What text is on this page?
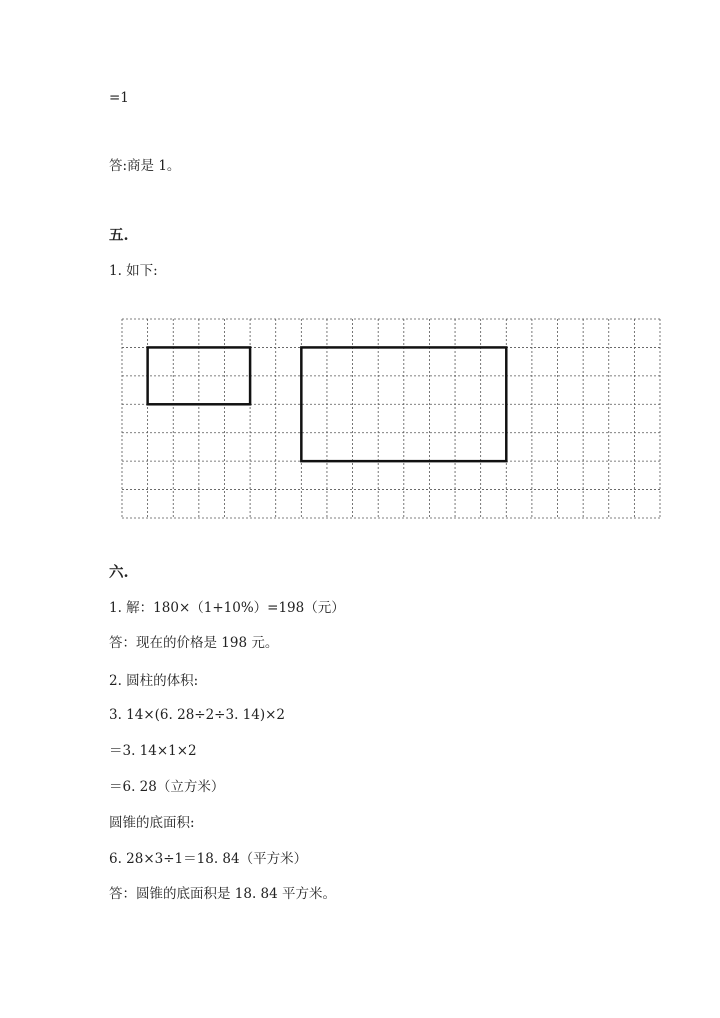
=1
答:商是 1。
五.
1. 如下:
六.
1. 解：180×（1+10%）=198（元）
答：现在的价格是 198 元。
2. 圆柱的体积:
3. 14×(6. 28÷2÷3. 14)×2
＝3. 14×1×2
＝6. 28（立方米）
圆锥的底面积:
6. 28×3÷1＝18. 84（平方米）
答：圆锥的底面积是 18. 84 平方米。
